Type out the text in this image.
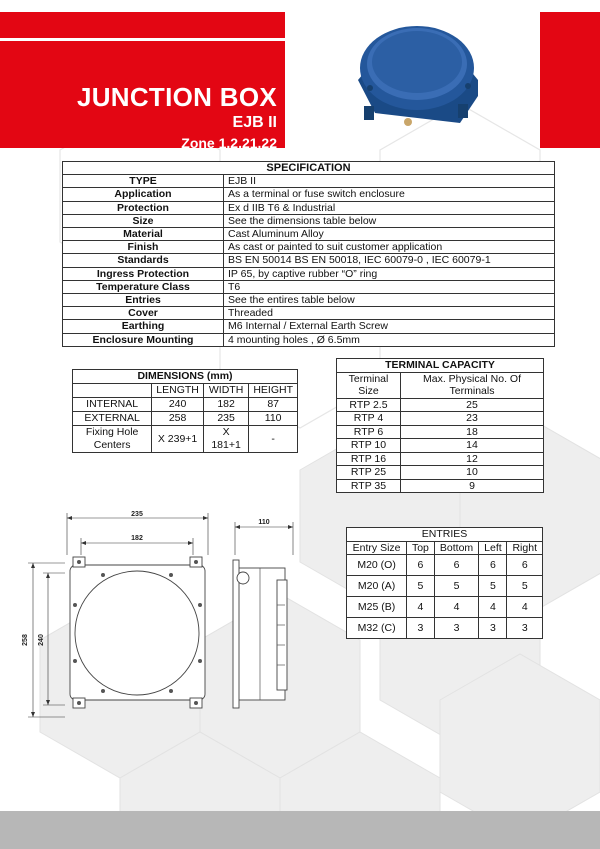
JUNCTION BOX
EJB II
Zone 1,2,21,22
SPECIFICATION	
TYPE	EJB II
Application	As a terminal or fuse switch enclosure
Protection	Ex d IIB T6 & Industrial
Size	See the dimensions table below
Material	Cast Aluminum Alloy
Finish	As cast or painted to suit customer application
Standards	BS EN 50014 BS EN 50018, IEC 60079-0 , IEC 60079-1
Ingress Protection	IP 65, by captive rubber “O” ring
Temperature Class	T6
Entries	See the entires table below
Cover	Threaded
Earthing	M6 Internal / External Earth Screw
Enclosure Mounting	4 mounting holes , Ø 6.5mm
DIMENSIONS (mm)			
	LENGTH	WIDTH	HEIGHT
INTERNAL	240	182	87
EXTERNAL	258	235	110
Fixing Hole Centers	X 239+1	X 181+1	-
TERMINAL CAPACITY	
Terminal Size	Max. Physical No. Of Terminals
RTP 2.5	25
RTP 4	23
RTP 6	18
RTP 10	14
RTP 16	12
RTP 25	10
RTP 35	9
235
182
110
258 240
ENTRIES				
Entry Size	Top	Bottom	Left	Right
M20 (O)	6	6	6	6
M20 (A)	5	5	5	5
M25 (B)	4	4	4	4
M32 (C)	3	3	3	3
